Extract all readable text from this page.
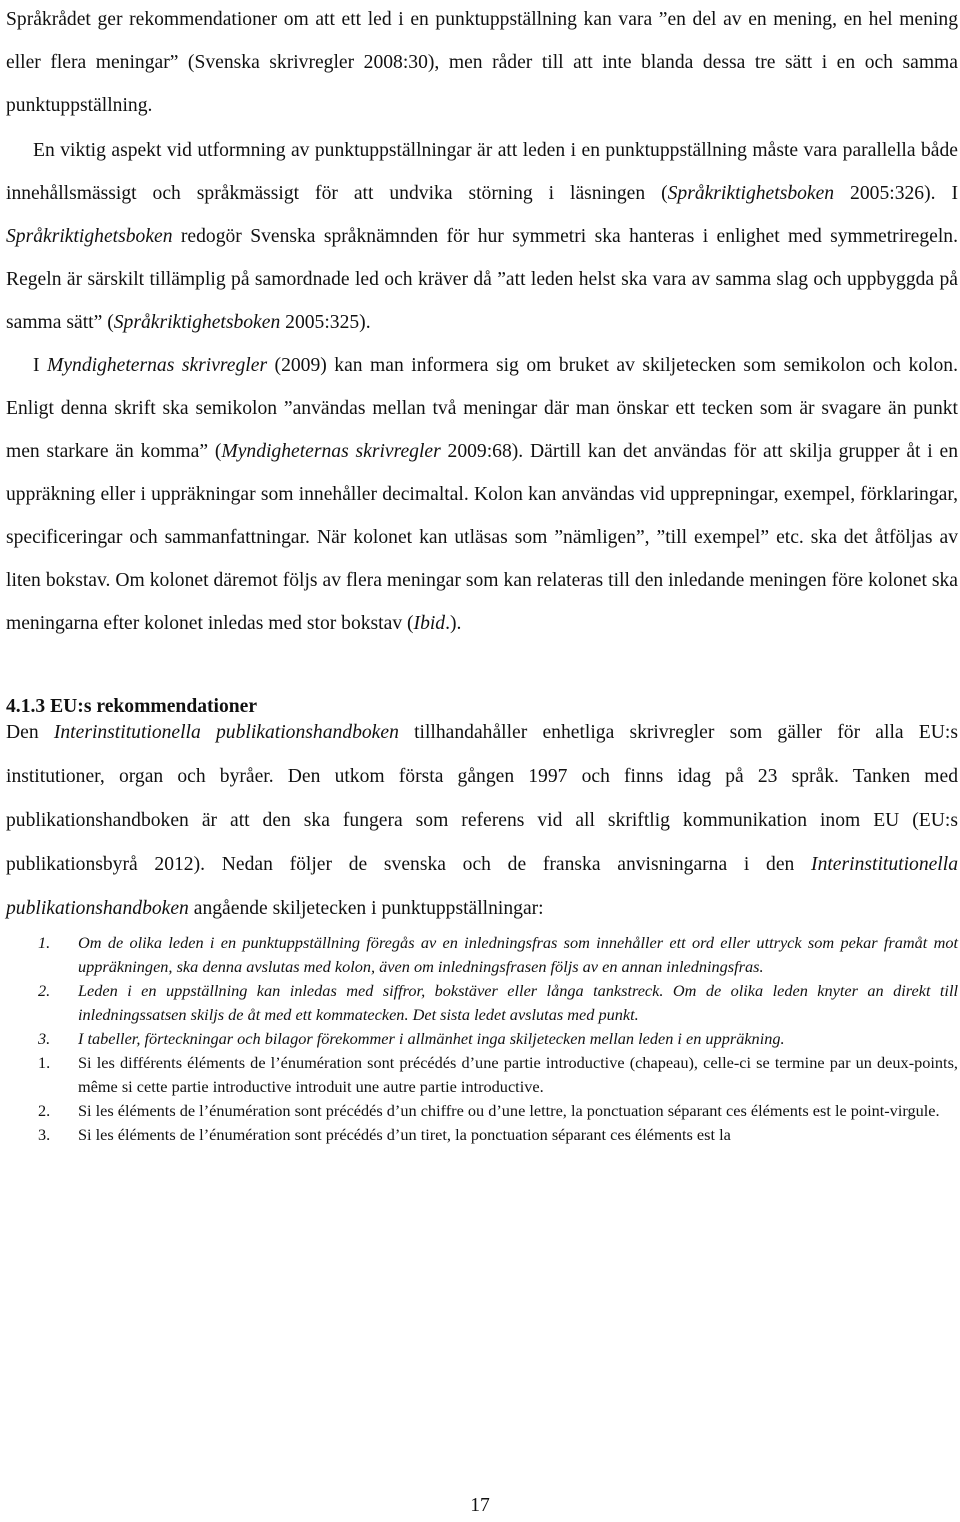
Språkrådet ger rekommendationer om att ett led i en punktuppställning kan vara ”en del av en mening, en hel mening eller flera meningar” (Svenska skrivregler 2008:30), men råder till att inte blanda dessa tre sätt i en och samma punktuppställning.

En viktig aspekt vid utformning av punktuppställningar är att leden i en punktuppställning måste vara parallella både innehållsmässigt och språkmässigt för att undvika störning i läsningen (Språkriktighetsboken 2005:326). I Språkriktighetsboken redogör Svenska språknämnden för hur symmetri ska hanteras i enlighet med symmetriregeln. Regeln är särskilt tillämplig på samordnade led och kräver då ”att leden helst ska vara av samma slag och uppbyggda på samma sätt” (Språkriktighetsboken 2005:325).

I Myndigheternas skrivregler (2009) kan man informera sig om bruket av skiljetecken som semikolon och kolon. Enligt denna skrift ska semikolon ”användas mellan två meningar där man önskar ett tecken som är svagare än punkt men starkare än komma” (Myndigheternas skrivregler 2009:68). Därtill kan det användas för att skilja grupper åt i en uppräkning eller i uppräkningar som innehåller decimaltal. Kolon kan användas vid upprepningar, exempel, förklaringar, specificeringar och sammanfattningar. När kolonet kan utläsas som ”nämligen”, ”till exempel” etc. ska det åtföljas av liten bokstav. Om kolonet däremot följs av flera meningar som kan relateras till den inledande meningen före kolonet ska meningarna efter kolonet inledas med stor bokstav (Ibid.).

4.1.3 EU:s rekommendationer

Den Interinstitutionella publikationshandboken tillhandahåller enhetliga skrivregler som gäller för alla EU:s institutioner, organ och byråer. Den utkom första gången 1997 och finns idag på 23 språk. Tanken med publikationshandboken är att den ska fungera som referens vid all skriftlig kommunikation inom EU (EU:s publikationsbyrå 2012). Nedan följer de svenska och de franska anvisningarna i den Interinstitutionella publikationshandboken angående skiljetecken i punktuppställningar:

1. Om de olika leden i en punktuppställning föregås av en inledningsfras som innehåller ett ord eller uttryck som pekar framåt mot uppräkningen, ska denna avslutas med kolon, även om inledningsfrasen följs av en annan inledningsfras.
2. Leden i en uppställning kan inledas med siffror, bokstäver eller långa tankstreck. Om de olika leden knyter an direkt till inledningssatsen skiljs de åt med ett kommatecken. Det sista ledet avslutas med punkt.
3. I tabeller, förteckningar och bilagor förekommer i allmänhet inga skiljetecken mellan leden i en uppräkning.
1. Si les différents éléments de l’énumération sont précédés d’une partie introductive (chapeau), celle-ci se termine par un deux-points, même si cette partie introductive introduit une autre partie introductive.
2. Si les éléments de l’énumération sont précédés d’un chiffre ou d’une lettre, la ponctuation séparant ces éléments est le point-virgule.
3. Si les éléments de l’énumération sont précédés d’un tiret, la ponctuation séparant ces éléments est la
17
